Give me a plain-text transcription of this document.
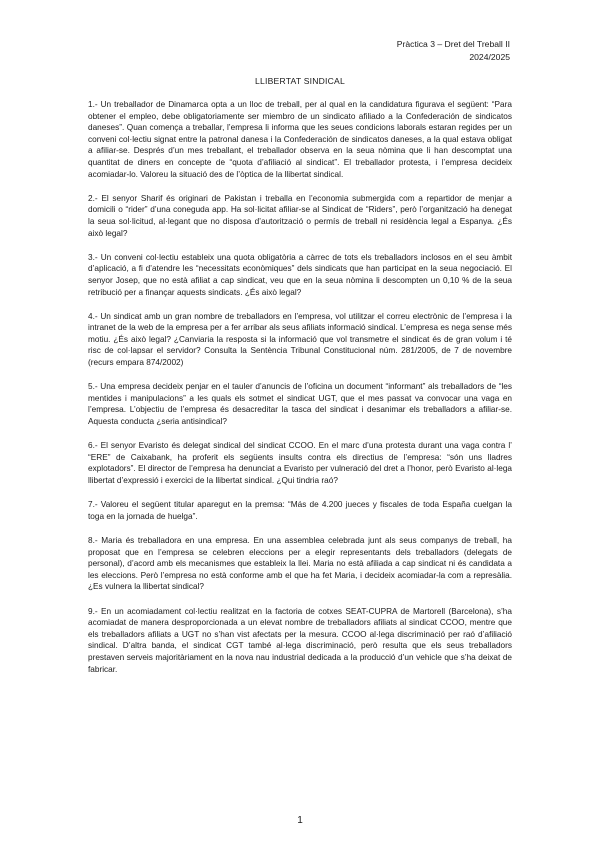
Pràctica 3 – Dret del Treball II
2024/2025
LLIBERTAT SINDICAL

1.- Un treballador de Dinamarca opta a un lloc de treball, per al qual en la candidatura figurava el següent: “Para obtener el empleo, debe obligatoriamente ser miembro de un sindicato afiliado a la Confederación de sindicatos daneses”. Quan comença a treballar, l’empresa li informa que les seues condicions laborals estaran regides per un conveni col·lectiu signat entre la patronal danesa i la Confederación de sindicatos daneses, a la qual estava obligat a afiliar-se. Després d’un mes treballant, el treballador observa en la seua nòmina que li han descomptat una quantitat de diners en concepte de “quota d’afiliació al sindicat”. El treballador protesta, i l’empresa decideix acomiadar-lo. Valoreu la situació des de l’òptica de la llibertat sindical.

2.- El senyor Sharif és originari de Pakistan i treballa en l’economia submergida com a repartidor de menjar a domicili o “rider” d’una coneguda app. Ha sol·licitat afiliar-se al Sindicat de “Riders”, però l’organització ha denegat la seua sol·licitud, al·legant que no disposa d’autorització o permís de treball ni residència legal a Espanya. ¿És això legal?

3.- Un conveni col·lectiu estableix una quota obligatòria a càrrec de tots els treballadors inclosos en el seu àmbit d’aplicació, a fi d’atendre les “necessitats econòmiques” dels sindicats que han participat en la seua negociació. El senyor Josep, que no està afiliat a cap sindicat, veu que en la seua nòmina li descompten un 0,10 % de la seua retribució per a finançar aquests sindicats. ¿És això legal?

4.- Un sindicat amb un gran nombre de treballadors en l’empresa, vol utilitzar el correu electrònic de l’empresa i la intranet de la web de la empresa per a fer arribar als seus afiliats informació sindical. L’empresa es nega sense més motiu. ¿És això legal? ¿Canviaria la resposta si la informació que vol transmetre el sindicat és de gran volum i té risc de col·lapsar el servidor? Consulta la Sentència Tribunal Constitucional núm. 281/2005, de 7 de novembre (recurs empara 874/2002)

5.- Una empresa decideix penjar en el tauler d’anuncis de l’oficina un document “informant” als treballadors de “les mentides i manipulacions” a les quals els sotmet el sindicat UGT, que el mes passat va convocar una vaga en l’empresa. L’objectiu de l’empresa és desacreditar la tasca del sindicat i desanimar els treballadors a afiliar-se. Aquesta conducta ¿seria antisindical?

6.- El senyor Evaristo és delegat sindical del sindicat CCOO. En el marc d’una protesta durant una vaga contra l’ “ERE” de Caixabank, ha proferit els següents insults contra els directius de l’empresa: “són uns lladres explotadors”. El director de l’empresa ha denunciat a Evaristo per vulneració del dret a l’honor, però Evaristo al·lega llibertat d’expressió i exercici de la llibertat sindical. ¿Qui tindria raó?

7.- Valoreu el següent titular aparegut en la premsa: “Más de 4.200 jueces y fiscales de toda España cuelgan la toga en la jornada de huelga”.

8.- Maria és treballadora en una empresa. En una assemblea celebrada junt als seus companys de treball, ha proposat que en l’empresa se celebren eleccions per a elegir representants dels treballadors (delegats de personal), d’acord amb els mecanismes que estableix la llei. Maria no està afiliada a cap sindicat ni és candidata a les eleccions. Però l’empresa no està conforme amb el que ha fet Maria, i decideix acomiadar-la com a represàlia. ¿Es vulnera la llibertat sindical?

9.- En un acomiadament col·lectiu realitzat en la factoria de cotxes SEAT-CUPRA de Martorell (Barcelona), s’ha acomiadat de manera desproporcionada a un elevat nombre de treballadors afiliats al sindicat CCOO, mentre que els treballadors afiliats a UGT no s’han vist afectats per la mesura. CCOO al·lega discriminació per raó d’afiliació sindical. D’altra banda, el sindicat CGT també al·lega discriminació, però resulta que els seus treballadors prestaven serveis majoritàriament en la nova nau industrial dedicada a la producció d’un vehicle que s’ha deixat de fabricar.

1
